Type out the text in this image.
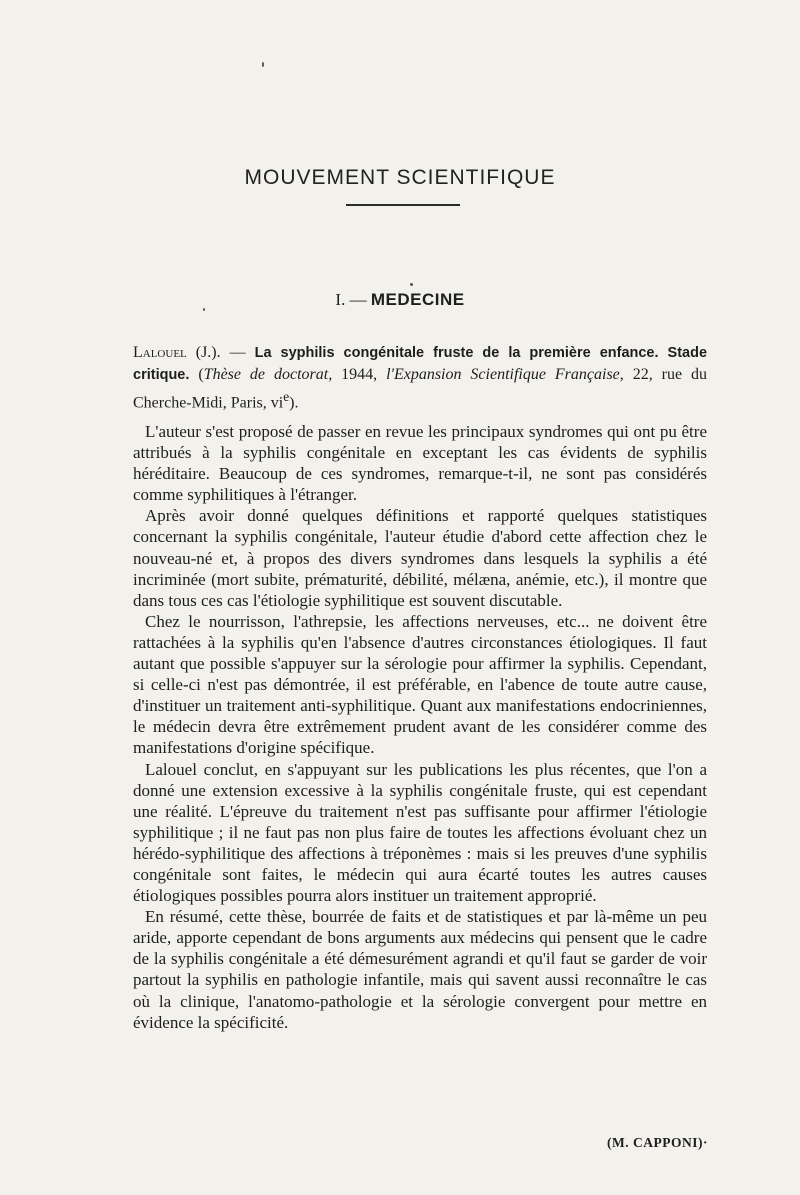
MOUVEMENT SCIENTIFIQUE
I. — MEDECINE
Lalouel (J.). — La syphilis congénitale fruste de la première enfance. Stade critique. (Thèse de doctorat, 1944, l'Expansion Scientifique Française, 22, rue du Cherche-Midi, Paris, $vi^e$).

L'auteur s'est proposé de passer en revue les principaux syndromes qui ont pu être attribués à la syphilis congénitale en exceptant les cas évidents de syphilis héréditaire. Beaucoup de ces syndromes, remarque-t-il, ne sont pas considérés comme syphilitiques à l'étranger.

Après avoir donné quelques définitions et rapporté quelques statistiques concernant la syphilis congénitale, l'auteur étudie d'abord cette affection chez le nouveau-né et, à propos des divers syndromes dans lesquels la syphilis a été incriminée (mort subite, prématurité, débilité, mélæna, anémie, etc.), il montre que dans tous ces cas l'étiologie syphilitique est souvent discutable.

Chez le nourrisson, l'athrepsie, les affections nerveuses, etc... ne doivent être rattachées à la syphilis qu'en l'absence d'autres circonstances étiologiques. Il faut autant que possible s'appuyer sur la sérologie pour affirmer la syphilis. Cependant, si celle-ci n'est pas démontrée, il est préférable, en l'abence de toute autre cause, d'instituer un traitement anti-syphilitique. Quant aux manifestations endocriniennes, le médecin devra être extrêmement prudent avant de les considérer comme des manifestations d'origine spécifique.

Lalouel conclut, en s'appuyant sur les publications les plus récentes, que l'on a donné une extension excessive à la syphilis congénitale fruste, qui est cependant une réalité. L'épreuve du traitement n'est pas suffisante pour affirmer l'étiologie syphilitique ; il ne faut pas non plus faire de toutes les affections évoluant chez un hérédo-syphilitique des affections à tréponèmes : mais si les preuves d'une syphilis congénitale sont faites, le médecin qui aura écarté toutes les autres causes étiologiques possibles pourra alors instituer un traitement approprié.

En résumé, cette thèse, bourrée de faits et de statistiques et par là-même un peu aride, apporte cependant de bons arguments aux médecins qui pensent que le cadre de la syphilis congénitale a été démesurément agrandi et qu'il faut se garder de voir partout la syphilis en pathologie infantile, mais qui savent aussi reconnaître le cas où la clinique, l'anatomo-pathologie et la sérologie convergent pour mettre en évidence la spécificité.

(M. CAPPONI)·
